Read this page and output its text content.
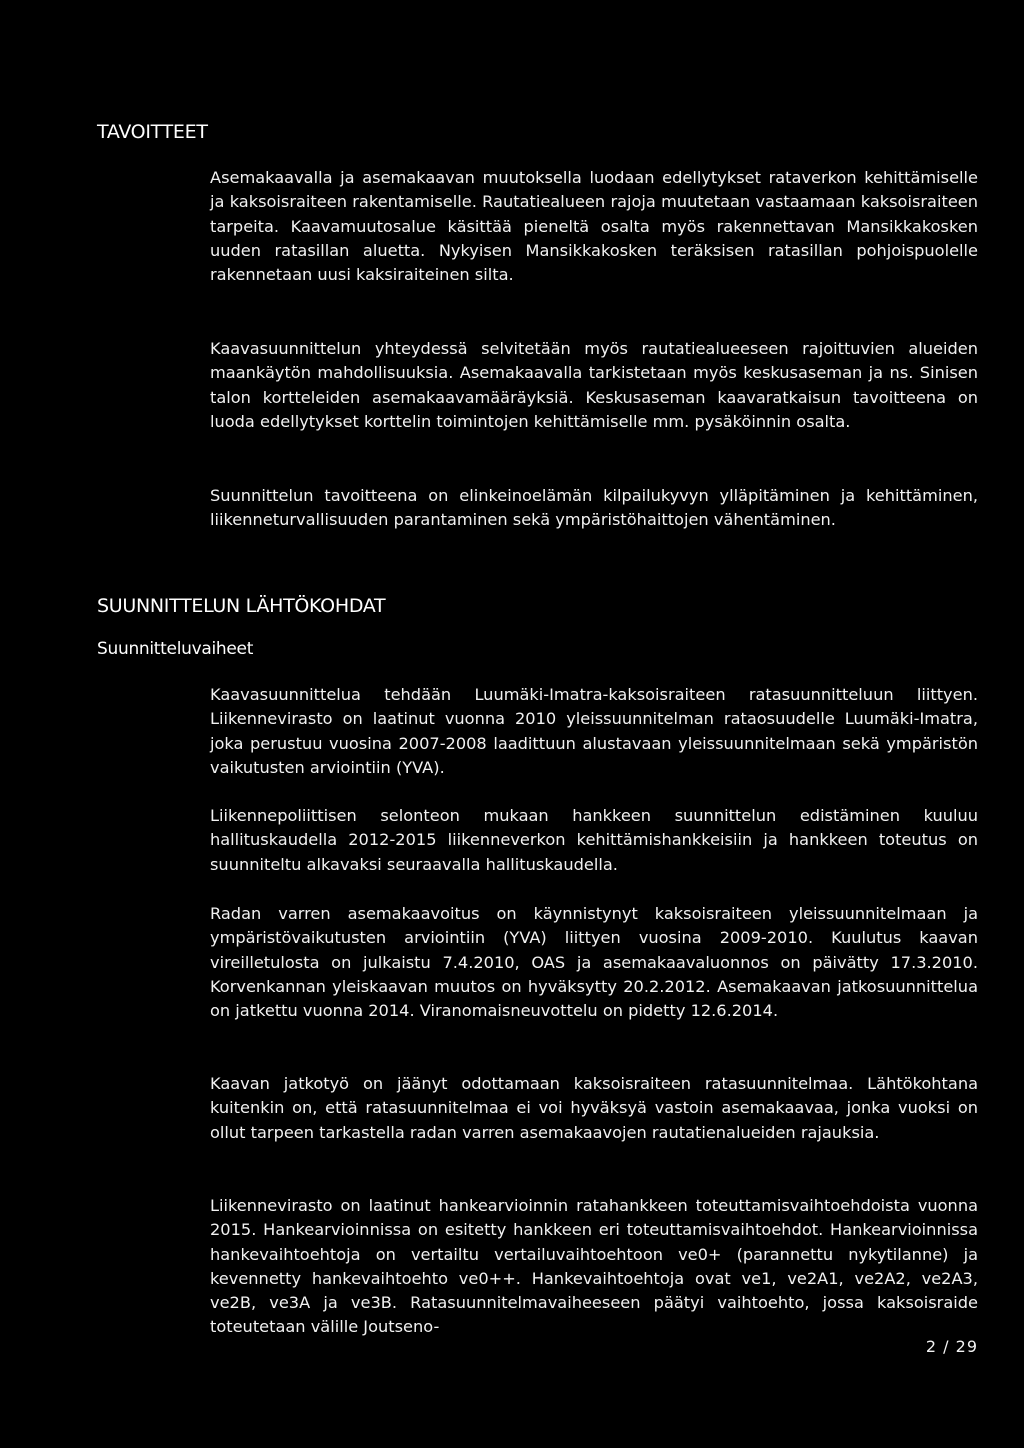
TAVOITTEET

Asemakaavalla ja asemakaavan muutoksella luodaan edellytykset rataverkon kehittämiselle ja kaksoisraiteen rakentamiselle. Rautatiealueen rajoja muutetaan vastaamaan kaksoisraiteen tarpeita. Kaavamuutosalue käsittää pieneltä osalta myös rakennettavan Mansikkakosken uuden ratasillan aluetta. Nykyisen Mansikkakosken teräksisen ratasillan pohjoispuolelle rakennetaan uusi kaksiraiteinen silta.

Kaavasuunnittelun yhteydessä selvitetään myös rautatiealueeseen rajoittuvien alueiden maankäytön mahdollisuuksia. Asemakaavalla tarkistetaan myös keskusaseman ja ns. Sinisen talon kortteleiden asemakaavamääräyksiä. Keskusaseman kaavaratkaisun tavoitteena on luoda edellytykset korttelin toimintojen kehittämiselle mm. pysäköinnin osalta.

Suunnittelun tavoitteena on elinkeinoelämän kilpailukyvyn ylläpitäminen ja kehittäminen, liikenneturvallisuuden parantaminen sekä ympäristöhaittojen vähentäminen.

SUUNNITTELUN LÄHTÖKOHDAT
Suunnitteluvaiheet

Kaavasuunnittelua tehdään Luumäki-Imatra-kaksoisraiteen ratasuunnitteluun liittyen. Liikennevirasto on laatinut vuonna 2010 yleissuunnitelman rataosuudelle Luumäki-Imatra, joka perustuu vuosina 2007-2008 laadittuun alustavaan yleissuunnitelmaan sekä ympäristön vaikutusten arviointiin (YVA).

Liikennepoliittisen selonteon mukaan hankkeen suunnittelun edistäminen kuuluu hallituskaudella 2012-2015 liikenneverkon kehittämishankkeisiin ja hankkeen toteutus on suunniteltu alkavaksi seuraavalla hallituskaudella.

Radan varren asemakaavoitus on käynnistynyt kaksoisraiteen yleissuunnitelmaan ja ympäristövaikutusten arviointiin (YVA) liittyen vuosina 2009-2010. Kuulutus kaavan vireilletulosta on julkaistu 7.4.2010, OAS ja asemakaavaluonnos on päivätty 17.3.2010. Korvenkannan yleiskaavan muutos on hyväksytty 20.2.2012. Asemakaavan jatkosuunnittelua on jatkettu vuonna 2014. Viranomaisneuvottelu on pidetty 12.6.2014.

Kaavan jatkotyö on jäänyt odottamaan kaksoisraiteen ratasuunnitelmaa. Lähtökohtana kuitenkin on, että ratasuunnitelmaa ei voi hyväksyä vastoin asemakaavaa, jonka vuoksi on ollut tarpeen tarkastella radan varren asemakaavojen rautatienalueiden rajauksia.

Liikennevirasto on laatinut hankearvioinnin ratahankkeen toteuttamisvaihtoehdoista vuonna 2015. Hankearvioinnissa on esitetty hankkeen eri toteuttamisvaihtoehdot. Hankearvioinnissa hankevaihtoehtoja on vertailtu vertailuvaihtoehtoon ve0+ (parannettu nykytilanne) ja kevennetty hankevaihtoehto ve0++. Hankevaihtoehtoja ovat ve1, ve2A1, ve2A2, ve2A3, ve2B, ve3A ja ve3B. Ratasuunnitelmavaiheeseen päätyi vaihtoehto, jossa kaksoisraide toteutetaan välille Joutseno-

2 / 29
